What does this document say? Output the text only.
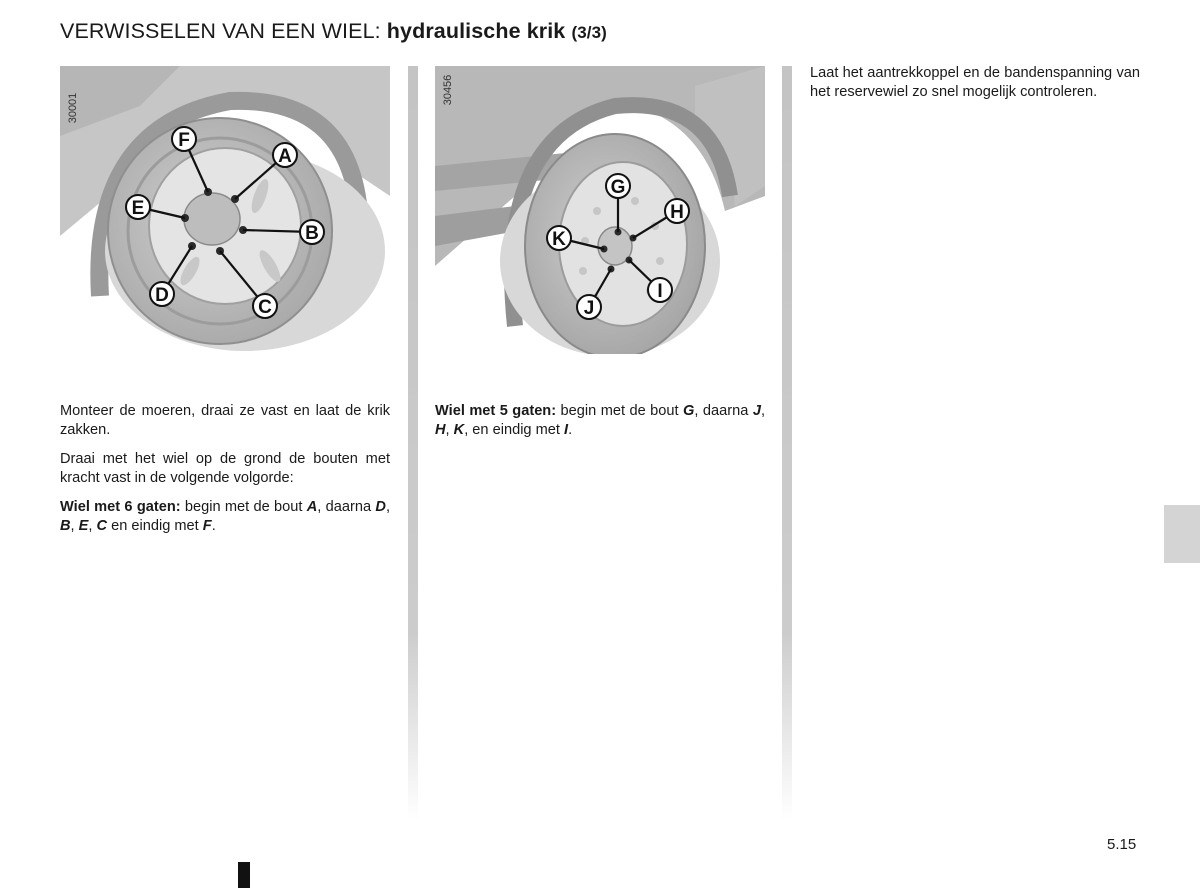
VERWISSELEN VAN EEN WIEL: hydraulische krik (3/3)
F
A
B
C
D
E
30001
G
H
I
J
K
30456

Monteer de moeren, draai ze vast en laat de krik zakken.

Draai met het wiel op de grond de bouten met kracht vast in de volgende volgorde:

Wiel met 6 gaten: begin met de bout A, daarna D, B, E, C en eindig met F.

Wiel met 5 gaten: begin met de bout G, daarna J, H, K, en eindig met I.

Laat het aantrekkoppel en de bandenspanning van het reservewiel zo snel mogelijk controleren.

5.15
